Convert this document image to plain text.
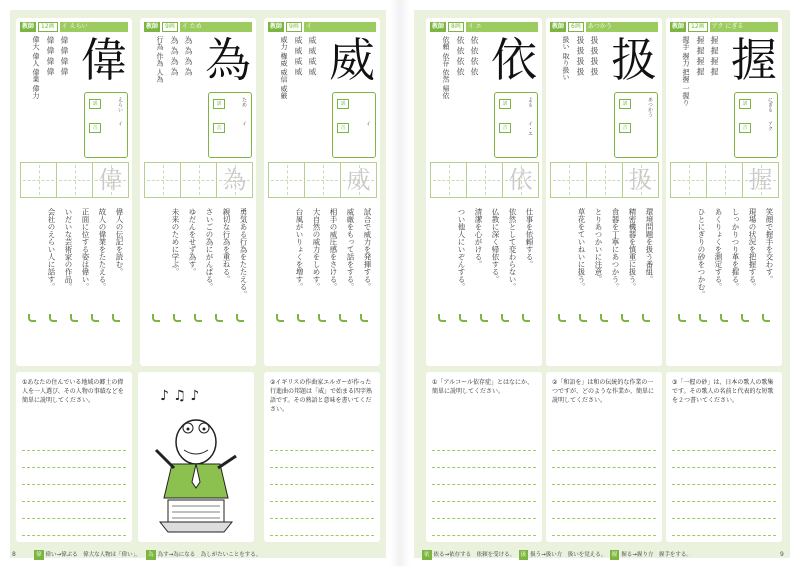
教師	12画	イ えらい
偉大 偉人 偉業 偉力 偉 偉 偉 偉 偉 偉 偉 偉 偉
訓	えらい
音
イ
偉
偉人の伝記を読む。
故人の偉業をたたえる。
正面に位する姿は偉い。
いだいな芸術家の作品。
会社のえらい人に話す。
教師	9画	イ ため
行為 作為 人為 為 為 為 為 為 為 為 為 為
訓	ため
音
イ
為
勇気ある行為をたたえる。
親切な行為を重ねる。
さいごの為にがんばる。
ゆだんをせず為す。
未来のために学ぶ。
教師	9画	イ
威力 権威 威信 威厳 威 威 威 威 威 威 威 威 威
訓
音
イ
威
試合で威力を発揮する。
威厳をもって話をする。
相手の威圧感をさける。
大自然の威力をしめす。
台風がいりょくを増す。
①あなたの住んでいる地域の郷土の偉人を一人選び、その人物の事績などを簡単に説明してください。	♪ ♫ ♪
②イギリスの作曲家エルガーが作った行進曲の邦題は「威」で始まる四字熟語です。その熟語と意味を書いてください。
偉 偉い→偉ぶる　偉大な人物は「偉い」。 為 為す→為になる　為しがたいことをする。
8
教師	8画	イ エ
依頼 依存 依然 帰依 依 依 依 依 依 依 依 依 依
訓	よる
音	イ・エ
依
仕事を依頼する。
依然として変わらない。
仏教に深く帰依する。
清潔を心がける。
つい他人にいぞんする。
教師	6画	あつかう
扱い 取り扱い 扱 扱 扱 扱 扱 扱 扱 扱 扱
訓	あつかう
音
扱
環境問題を扱う番組。
精密機器を慎重に扱う。
食器を丁寧にあつかう。
とりあつかいに注意。
草花をていねいに扱う。
教師	12画	アク にぎる
握手 握力 把握 一握り 握 握 握 握 握 握 握 握 握
訓	にぎる
音	アク
握
笑顔で握手を交わす。
現場の状況を把握する。
しっかりつり革を握る。
あくりょくを測定する。
ひとにぎりの砂をつかむ。
①「アルコール依存症」とはなにか、簡単に説明してください。
②「和語を」は和の伝統的な作業の一つですが、どのような作業か、簡単に説明してください。
③「一握の砂」は、日本の歌人の歌集です。その歌人の名前と代表的な短歌を２つ書いてください。
依 依る→依存する　依頼を受ける。 扱 扱う→扱い方　扱いを覚える。 握 握る→握り方　握手をする。	9
